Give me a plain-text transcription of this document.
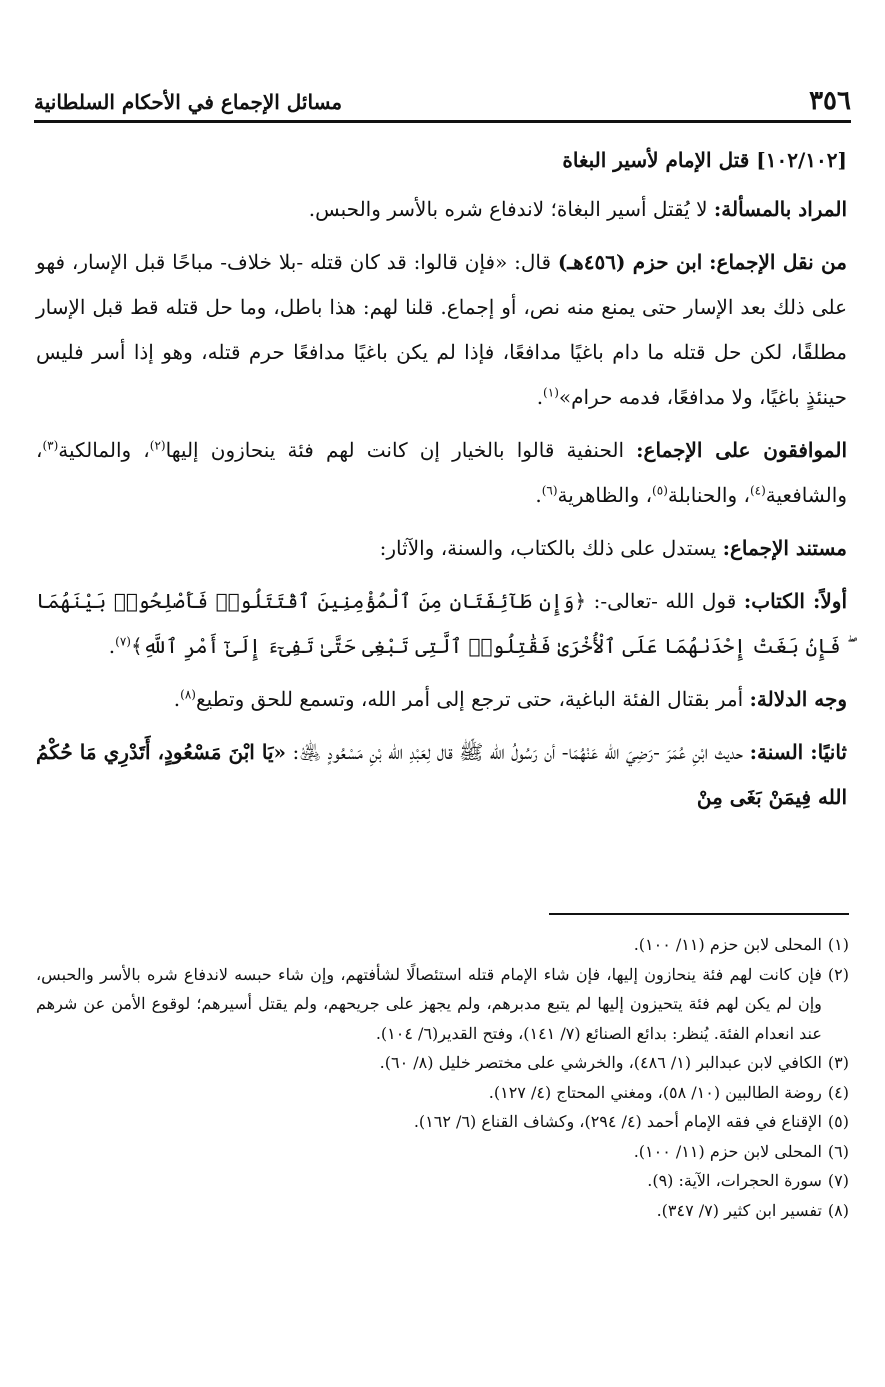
٣٥٦
مسائل الإجماع في الأحكام السلطانية

[١٠٢/١٠٢] قتل الإمام لأسير البغاة

المراد بالمسألة: لا يُقتل أسير البغاة؛ لاندفاع شره بالأسر والحبس.

من نقل الإجماع: ابن حزم (٤٥٦هـ) قال: «فإن قالوا: قد كان قتله -بلا خلاف- مباحًا قبل الإسار، فهو على ذلك بعد الإسار حتى يمنع منه نص، أو إجماع. قلنا لهم: هذا باطل، وما حل قتله قط قبل الإسار مطلقًا، لكن حل قتله ما دام باغيًا مدافعًا، فإذا لم يكن باغيًا مدافعًا حرم قتله، وهو إذا أسر فليس حينئذٍ باغيًا، ولا مدافعًا، فدمه حرام»$^{(١)}$.

الموافقون على الإجماع: الحنفية قالوا بالخيار إن كانت لهم فئة ينحازون إليها$^{(٢)}$، والمالكية$^{(٣)}$، والشافعية$^{(٤)}$، والحنابلة$^{(٥)}$، والظاهرية$^{(٦)}$.

مستند الإجماع: يستدل على ذلك بالكتاب، والسنة، والآثار:

أولاً: الكتاب: قول الله -تعالى-: ﴿وَإِن طَآئِفَتَانِ مِنَ ٱلْمُؤْمِنِينَ ٱقْتَتَلُوا۟ فَأَصْلِحُوا۟ بَيْنَهُمَا ۖ فَإِنۢ بَغَتْ إِحْدَىٰهُمَا عَلَى ٱلْأُخْرَىٰ فَقَٰتِلُوا۟ ٱلَّتِى تَبْغِى حَتَّىٰ تَفِىٓءَ إِلَىٰٓ أَمْرِ ٱللَّهِ﴾$^{(٧)}$.

وجه الدلالة: أمر بقتال الفئة الباغية، حتى ترجع إلى أمر الله، وتسمع للحق وتطيع$^{(٨)}$.

ثانيًا: السنة: حديث ابْنِ عُمَرَ -رَضِيَ الله عَنْهُمَا- أن رَسُولُ الله ﷺ قال لِعَبْدِ الله بْنِ مَسْعُودٍ ﵁: «يَا ابْنَ مَسْعُودٍ، أَتَدْرِي مَا حُكْمُ الله فِيمَنْ بَغَى مِنْ

(١)
المحلى لابن حزم (١١/ ١٠٠).
(٢)
فإن كانت لهم فئة ينحازون إليها، فإن شاء الإمام قتله استئصالًا لشأفتهم، وإن شاء حبسه لاندفاع شره بالأسر والحبس، وإن لم يكن لهم فئة يتحيزون إليها لم يتبع مدبرهم، ولم يجهز على جريحهم، ولم يقتل أسيرهم؛ لوقوع الأمن عن شرهم عند انعدام الفئة. يُنظر: بدائع الصنائع (٧/ ١٤١)، وفتح القدير(٦/ ١٠٤).
(٣)
الكافي لابن عبدالبر (١/ ٤٨٦)، والخرشي على مختصر خليل (٨/ ٦٠).
(٤)
روضة الطالبين (١٠/ ٥٨)، ومغني المحتاج (٤/ ١٢٧).
(٥)
الإقناع في فقه الإمام أحمد (٤/ ٢٩٤)، وكشاف القناع (٦/ ١٦٢).
(٦)
المحلى لابن حزم (١١/ ١٠٠).
(٧)
سورة الحجرات، الآية: (٩).
(٨)
تفسير ابن كثير (٧/ ٣٤٧).
